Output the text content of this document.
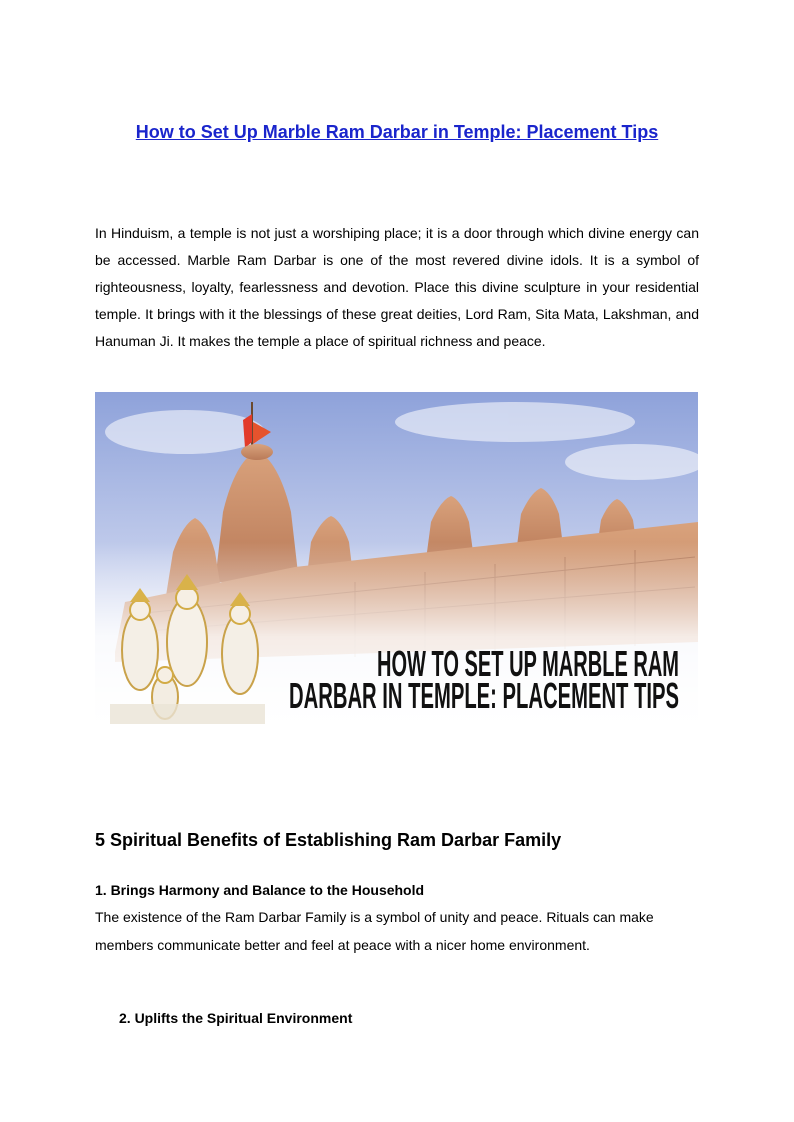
How to Set Up Marble Ram Darbar in Temple: Placement Tips

In Hinduism, a temple is not just a worshiping place; it is a door through which divine energy can be accessed. Marble Ram Darbar is one of the most revered divine idols. It is a symbol of righteousness, loyalty, fearlessness and devotion. Place this divine sculpture in your residential temple. It brings with it the blessings of these great deities, Lord Ram, Sita Mata, Lakshman, and Hanuman Ji. It makes the temple a place of spiritual richness and peace.

HOW TO SET UP MARBLE RAM
DARBAR IN TEMPLE: PLACEMENT TIPS
5 Spiritual Benefits of Establishing Ram Darbar Family
1. Brings Harmony and Balance to the Household

The existence of the Ram Darbar Family is a symbol of unity and peace. Rituals can make members communicate better and feel at peace with a nicer home environment.

2. Uplifts the Spiritual Environment
